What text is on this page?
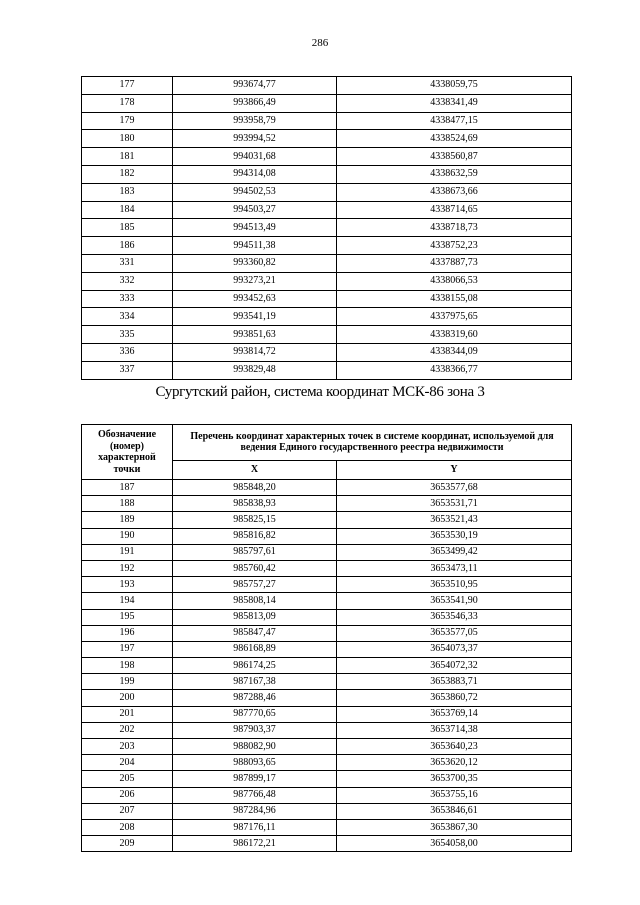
286
177	993674,77	4338059,75
178	993866,49	4338341,49
179	993958,79	4338477,15
180	993994,52	4338524,69
181	994031,68	4338560,87
182	994314,08	4338632,59
183	994502,53	4338673,66
184	994503,27	4338714,65
185	994513,49	4338718,73
186	994511,38	4338752,23
331	993360,82	4337887,73
332	993273,21	4338066,53
333	993452,63	4338155,08
334	993541,19	4337975,65
335	993851,63	4338319,60
336	993814,72	4338344,09
337	993829,48	4338366,77
Сургутский район, система координат МСК-86 зона 3
Обозначение (номер) характерной точки	Перечень координат характерных точек в системе координат, используемой для ведения Единого государственного реестра недвижимости	
	X	Y
187	985848,20	3653577,68
188	985838,93	3653531,71
189	985825,15	3653521,43
190	985816,82	3653530,19
191	985797,61	3653499,42
192	985760,42	3653473,11
193	985757,27	3653510,95
194	985808,14	3653541,90
195	985813,09	3653546,33
196	985847,47	3653577,05
197	986168,89	3654073,37
198	986174,25	3654072,32
199	987167,38	3653883,71
200	987288,46	3653860,72
201	987770,65	3653769,14
202	987903,37	3653714,38
203	988082,90	3653640,23
204	988093,65	3653620,12
205	987899,17	3653700,35
206	987766,48	3653755,16
207	987284,96	3653846,61
208	987176,11	3653867,30
209	986172,21	3654058,00
